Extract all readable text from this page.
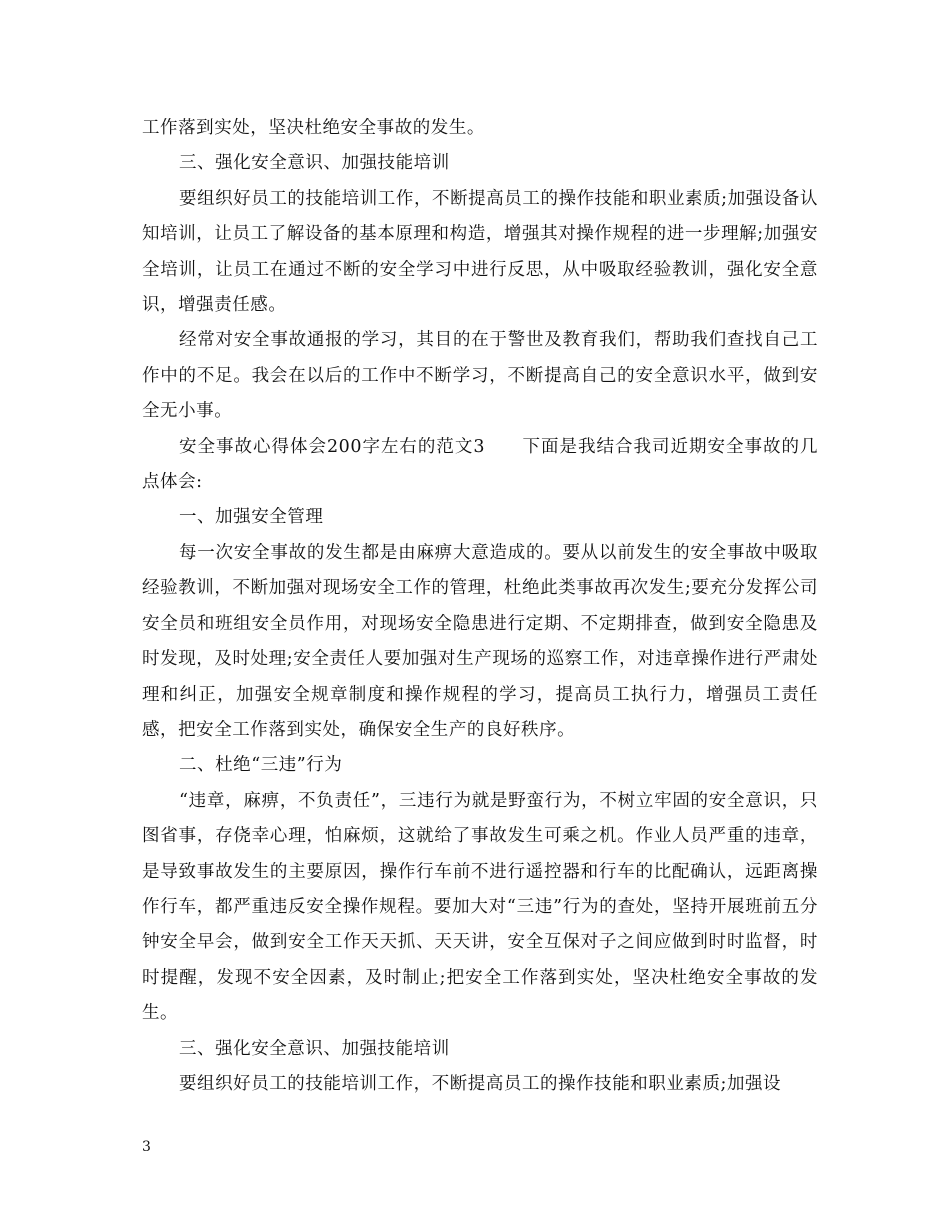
工作落到实处，坚决杜绝安全事故的发生。

三、强化安全意识、加强技能培训

要组织好员工的技能培训工作，不断提高员工的操作技能和职业素质;加强设备认知培训，让员工了解设备的基本原理和构造，增强其对操作规程的进一步理解;加强安全培训，让员工在通过不断的安全学习中进行反思，从中吸取经验教训，强化安全意识，增强责任感。

经常对安全事故通报的学习，其目的在于警世及教育我们，帮助我们查找自己工作中的不足。我会在以后的工作中不断学习，不断提高自己的安全意识水平，做到安全无小事。

安全事故心得体会200字左右的范文3　　下面是我结合我司近期安全事故的几点体会:

一、加强安全管理

每一次安全事故的发生都是由麻痹大意造成的。要从以前发生的安全事故中吸取经验教训，不断加强对现场安全工作的管理，杜绝此类事故再次发生;要充分发挥公司安全员和班组安全员作用，对现场安全隐患进行定期、不定期排查，做到安全隐患及时发现，及时处理;安全责任人要加强对生产现场的巡察工作，对违章操作进行严肃处理和纠正，加强安全规章制度和操作规程的学习，提高员工执行力，增强员工责任感，把安全工作落到实处，确保安全生产的良好秩序。

二、杜绝“三违”行为

“违章，麻痹，不负责任”，三违行为就是野蛮行为，不树立牢固的安全意识，只图省事，存侥幸心理，怕麻烦，这就给了事故发生可乘之机。作业人员严重的违章，是导致事故发生的主要原因，操作行车前不进行遥控器和行车的比配确认，远距离操作行车，都严重违反安全操作规程。要加大对“三违”行为的查处，坚持开展班前五分钟安全早会，做到安全工作天天抓、天天讲，安全互保对子之间应做到时时监督，时时提醒，发现不安全因素，及时制止;把安全工作落到实处，坚决杜绝安全事故的发生。

三、强化安全意识、加强技能培训

要组织好员工的技能培训工作，不断提高员工的操作技能和职业素质;加强设

3
